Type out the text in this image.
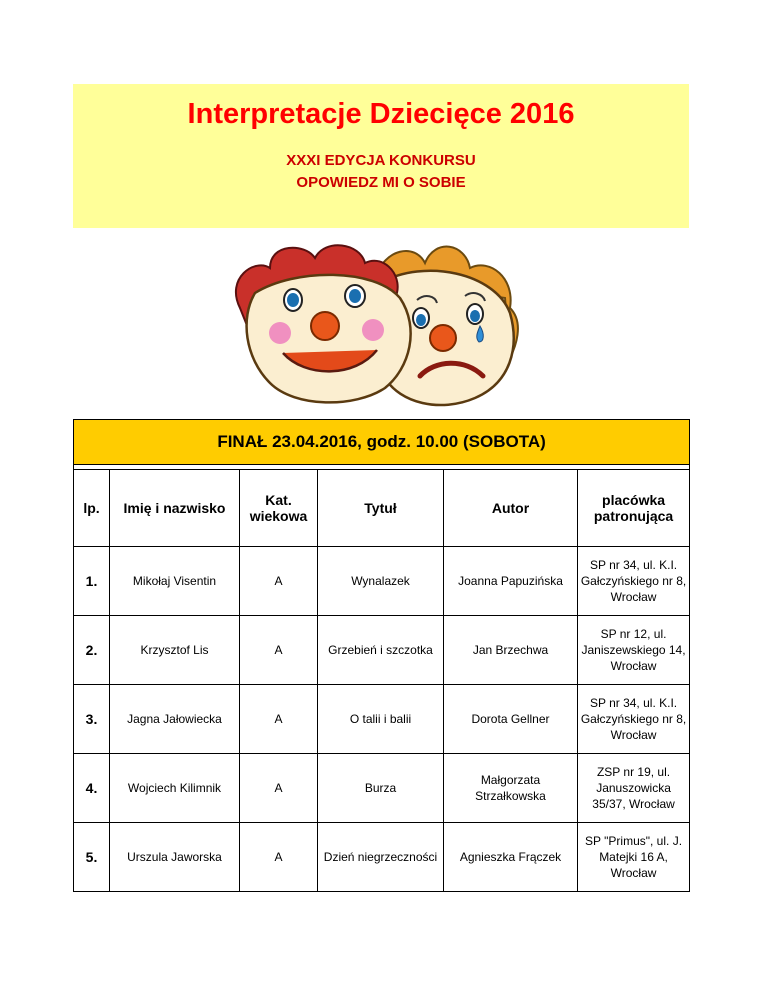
Interpretacje Dziecięce 2016
XXXI EDYCJA KONKURSU
OPOWIEDZ MI O SOBIE
FINAŁ 23.04.2016, godz. 10.00 (SOBOTA)					

lp.	Imię i nazwisko	Kat. wiekowa	Tytuł	Autor	placówka patronująca
1.	Mikołaj Visentin	A	Wynalazek	Joanna Papuzińska	SP nr 34, ul. K.I. Gałczyńskiego nr 8, Wrocław
2.	Krzysztof Lis	A	Grzebień i szczotka	Jan Brzechwa	SP nr 12, ul. Janiszewskiego 14, Wrocław
3.	Jagna Jałowiecka	A	O talii i balii	Dorota Gellner	SP nr 34, ul. K.I. Gałczyńskiego nr 8, Wrocław
4.	Wojciech Kilimnik	A	Burza	Małgorzata Strzałkowska	ZSP nr 19, ul. Januszowicka 35/37, Wrocław
5.	Urszula Jaworska	A	Dzień niegrzeczności	Agnieszka Frączek	SP "Primus", ul. J. Matejki 16 A, Wrocław
